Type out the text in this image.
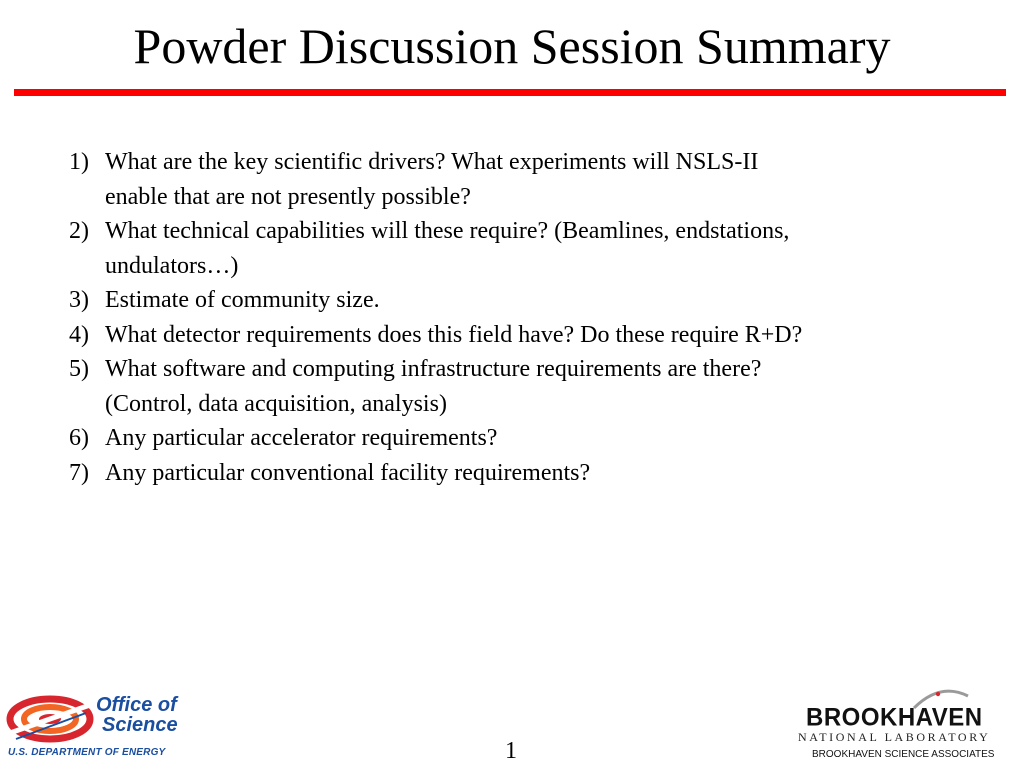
Powder Discussion Session Summary
1) What are the key scientific drivers? What experiments will NSLS-II
enable that are not presently possible?
2) What technical capabilities will these require? (Beamlines, endstations,
undulators…)
3) Estimate of community size.
4) What detector requirements does this field have? Do these require R+D?
5) What software and computing infrastructure requirements are there?
(Control, data acquisition, analysis)
6) Any particular accelerator requirements?
7) Any particular conventional facility requirements?
Office of
Science
U.S. DEPARTMENT OF ENERGY	1
BROOKHAVEN
NATIONAL LABORATORY
BROOKHAVEN SCIENCE ASSOCIATES
